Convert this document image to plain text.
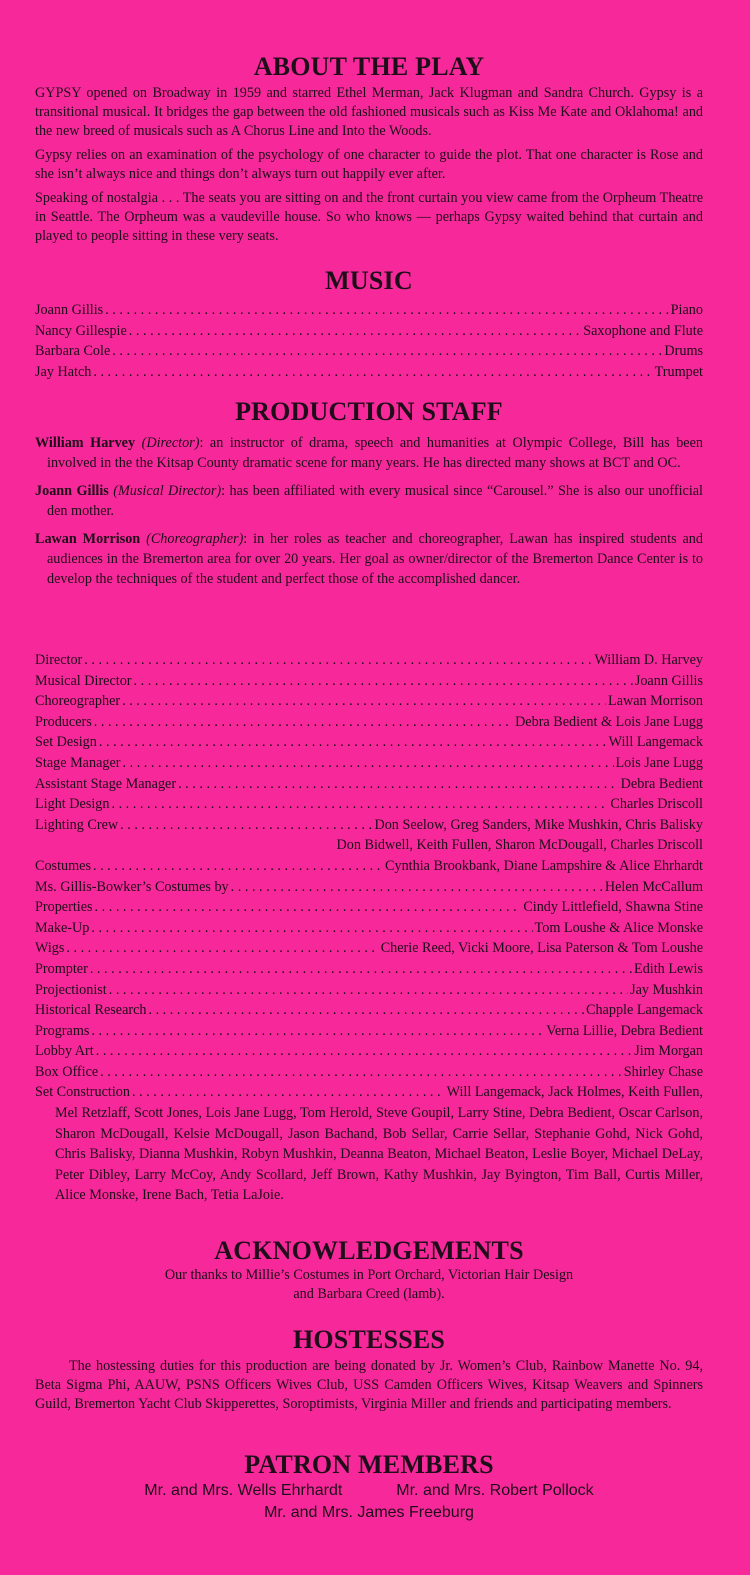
ABOUT THE PLAY

GYPSY opened on Broadway in 1959 and starred Ethel Merman, Jack Klugman and Sandra Church. Gypsy is a transitional musical. It bridges the gap between the old fashioned musicals such as Kiss Me Kate and Oklahoma! and the new breed of musicals such as A Chorus Line and Into the Woods.

Gypsy relies on an examination of the psychology of one character to guide the plot. That one character is Rose and she isn’t always nice and things don’t always turn out happily ever after.

Speaking of nostalgia . . . The seats you are sitting on and the front curtain you view came from the Orpheum Theatre in Seattle. The Orpheum was a vaudeville house. So who knows — perhaps Gypsy waited behind that curtain and played to people sitting in these very seats.

MUSIC
Joann Gillis . . .	Piano
Nancy Gillespie . . .	Saxophone and Flute
Barbara Cole . . .	Drums
Jay Hatch . . .	Trumpet
PRODUCTION STAFF
William Harvey (Director): an instructor of drama, speech and humanities at Olympic College, Bill has been involved in the the Kitsap County dramatic scene for many years. He has directed many shows at BCT and OC.
Joann Gillis (Musical Director): has been affiliated with every musical since “Carousel.” She is also our unofficial den mother.
Lawan Morrison (Choreographer): in her roles as teacher and choreographer, Lawan has inspired students and audiences in the Bremerton area for over 20 years. Her goal as owner/director of the Bremerton Dance Center is to develop the techniques of the student and perfect those of the accomplished dancer.
Director . . .	William D. Harvey
Musical Director . . .	Joann Gillis
Choreographer . . .	Lawan Morrison
Producers . . .	Debra Bedient & Lois Jane Lugg
Set Design . . .	Will Langemack
Stage Manager . . .	Lois Jane Lugg
Assistant Stage Manager . . .	Debra Bedient
Light Design . . .	Charles Driscoll
Lighting Crew . . .	Don Seelow, Greg Sanders, Mike Mushkin, Chris Balisky
Don Bidwell, Keith Fullen, Sharon McDougall, Charles Driscoll
Costumes . . .	Cynthia Brookbank, Diane Lampshire & Alice Ehrhardt
Ms. Gillis-Bowker’s Costumes by . . .	Helen McCallum
Properties . . .	Cindy Littlefield, Shawna Stine
Make-Up . . .	Tom Loushe & Alice Monske
Wigs . . .	Cherie Reed, Vicki Moore, Lisa Paterson & Tom Loushe
Prompter . . .	Edith Lewis
Projectionist . . .	Jay Mushkin
Historical Research . . .	Chapple Langemack
Programs . . .	Verna Lillie, Debra Bedient
Lobby Art . . .	Jim Morgan
Box Office . . .	Shirley Chase
Set Construction . . .	Will Langemack, Jack Holmes, Keith Fullen,
Mel Retzlaff, Scott Jones, Lois Jane Lugg, Tom Herold, Steve Goupil, Larry Stine, Debra Bedient, Oscar Carlson, Sharon McDougall, Kelsie McDougall, Jason Bachand, Bob Sellar, Carrie Sellar, Stephanie Gohd, Nick Gohd, Chris Balisky, Dianna Mushkin, Robyn Mushkin, Deanna Beaton, Michael Beaton, Leslie Boyer, Michael DeLay, Peter Dibley, Larry McCoy, Andy Scollard, Jeff Brown, Kathy Mushkin, Jay Byington, Tim Ball, Curtis Miller, Alice Monske, Irene Bach, Tetia LaJoie.
ACKNOWLEDGEMENTS

Our thanks to Millie’s Costumes in Port Orchard, Victorian Hair Design

and Barbara Creed (lamb).

HOSTESSES

The hostessing duties for this production are being donated by Jr. Women’s Club, Rainbow Manette No. 94, Beta Sigma Phi, AAUW, PSNS Officers Wives Club, USS Camden Officers Wives, Kitsap Weavers and Spinners Guild, Bremerton Yacht Club Skipperettes, Soroptimists, Virginia Miller and friends and participating members.

PATRON MEMBERS
Mr. and Mrs. Wells Ehrhardt	Mr. and Mrs. Robert Pollock
Mr. and Mrs. James Freeburg
